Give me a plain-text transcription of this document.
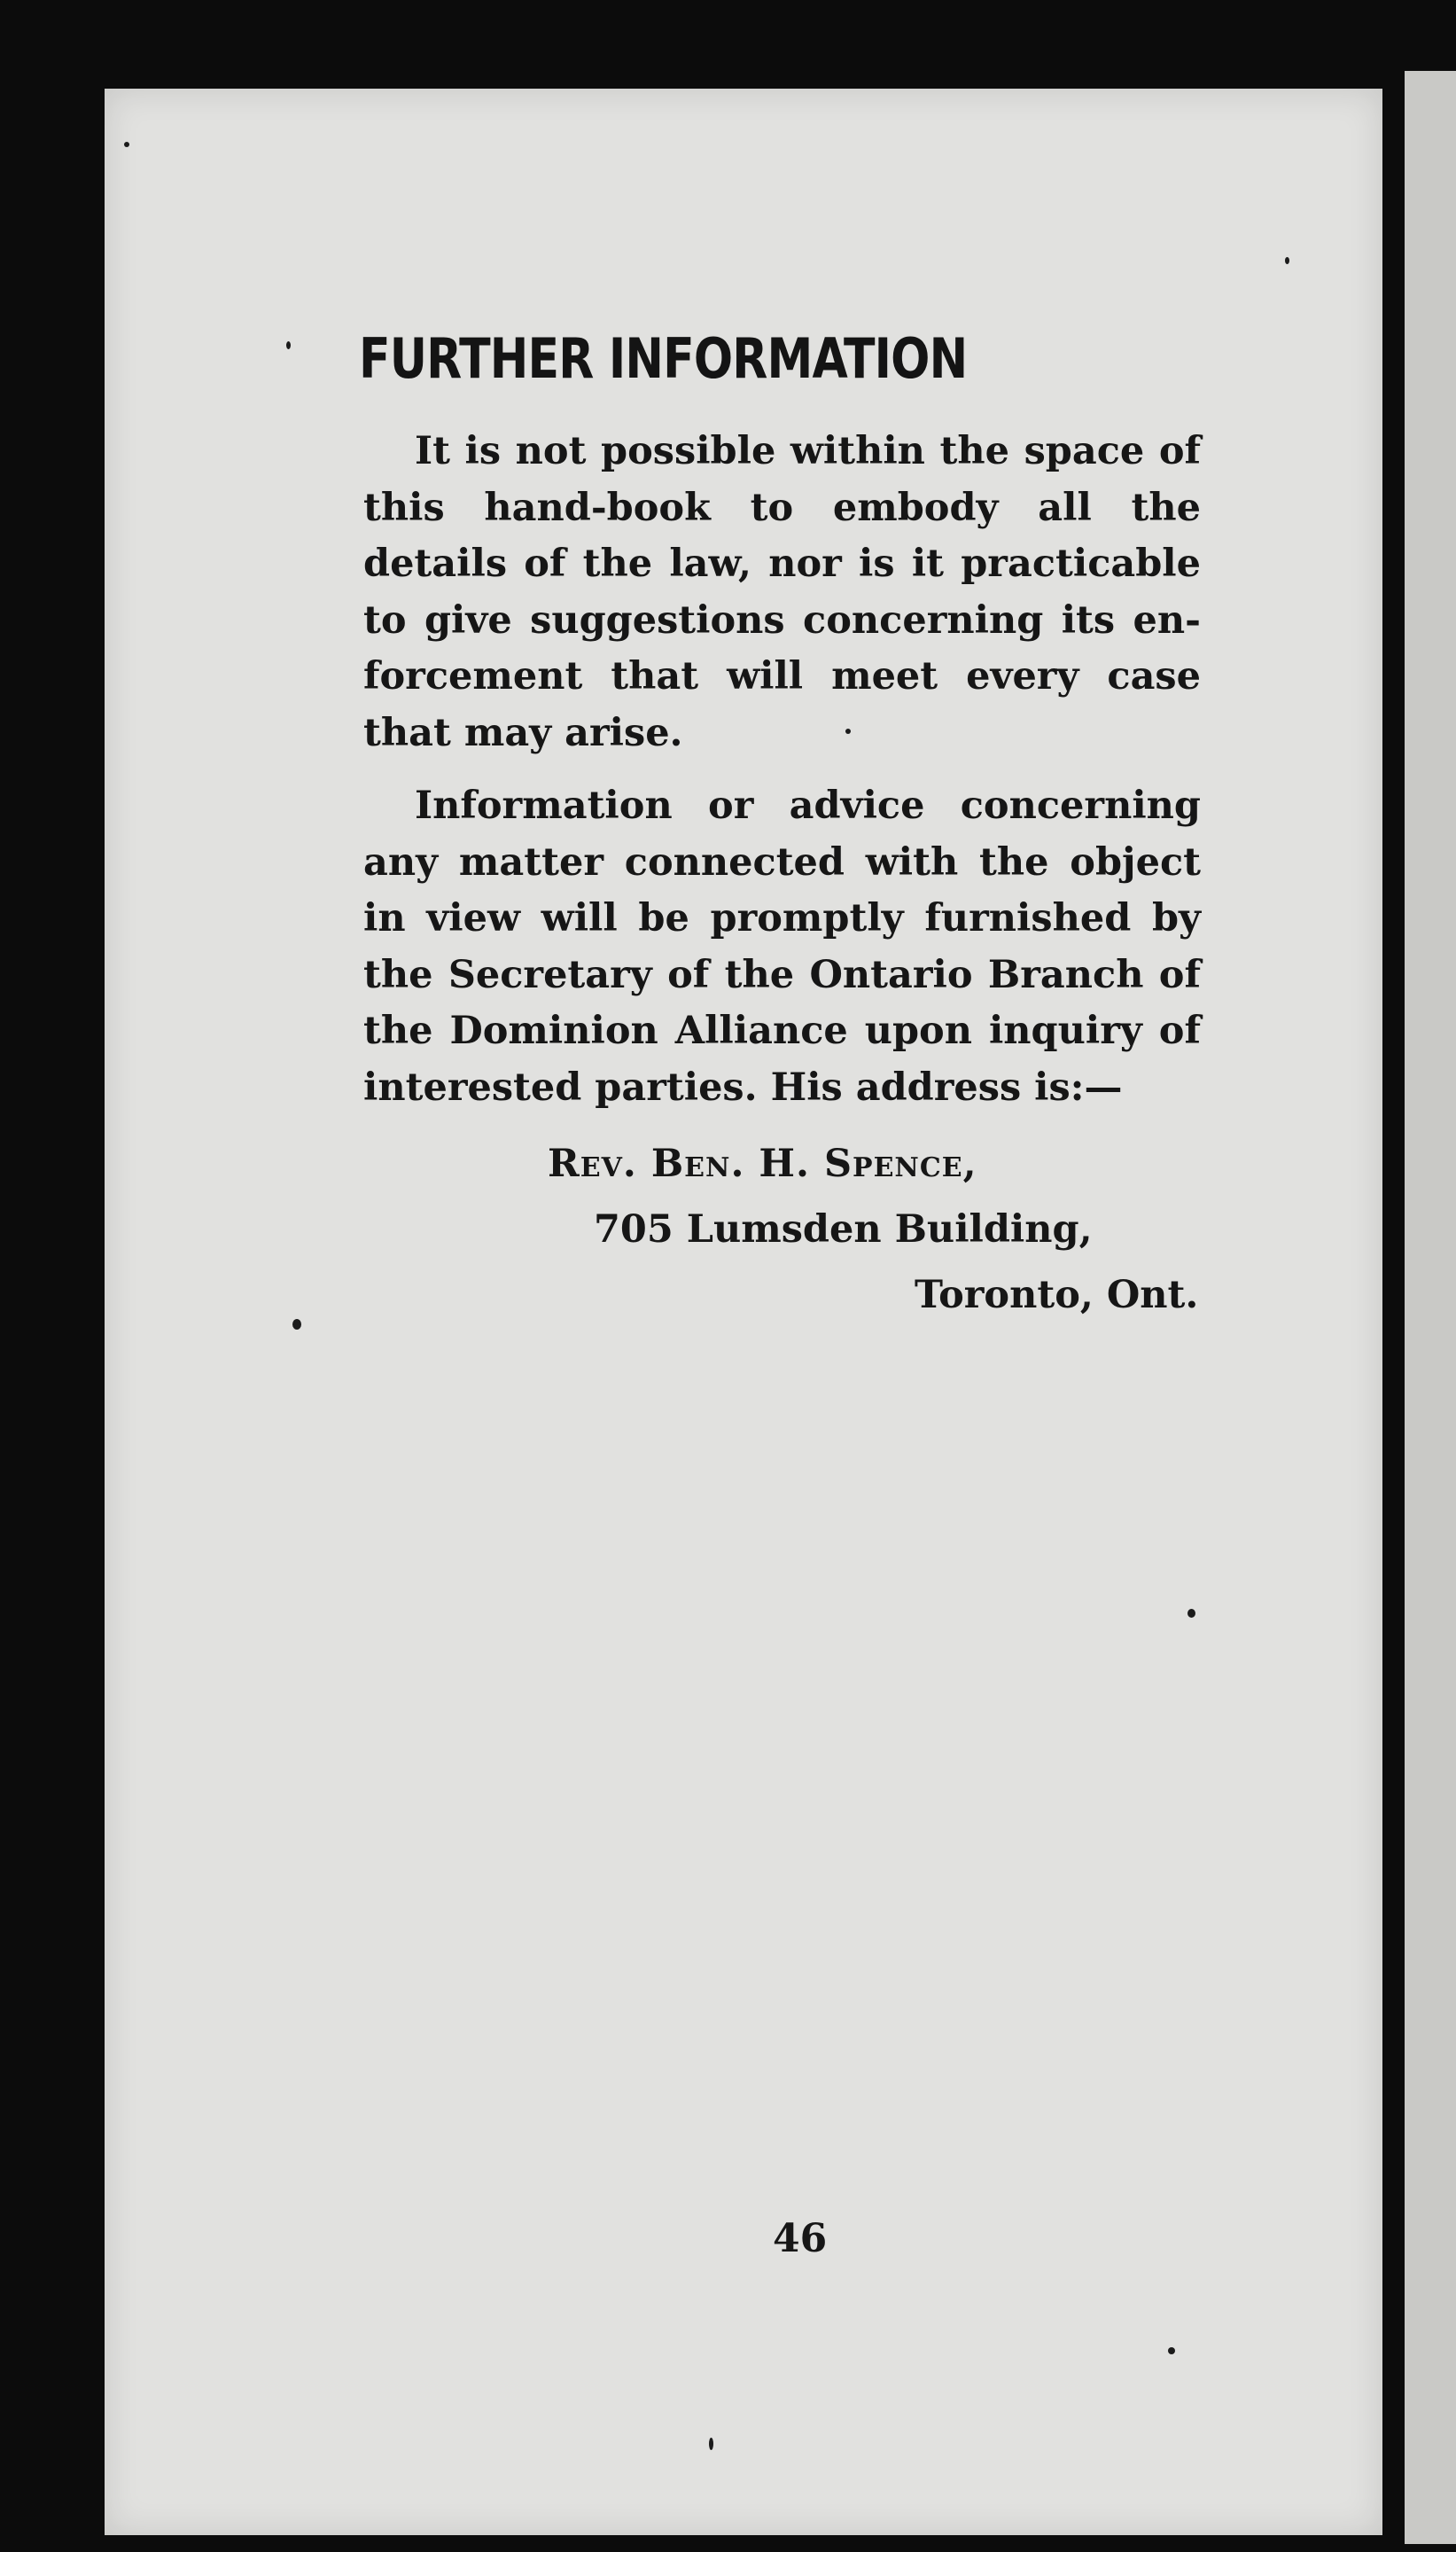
FURTHER INFORMATION

It is not possible within the space of this hand-book to embody all the details of the law, nor is it practicable to give suggestions concerning its en-forcement that will meet every case that may arise.

Information or advice concerning any matter connected with the object in view will be promptly furnished by the Secretary of the Ontario Branch of the Dominion Alliance upon inquiry of interested parties. His address is:—

Rev. Ben. H. Spence,

705 Lumsden Building,

Toronto, Ont.

46
